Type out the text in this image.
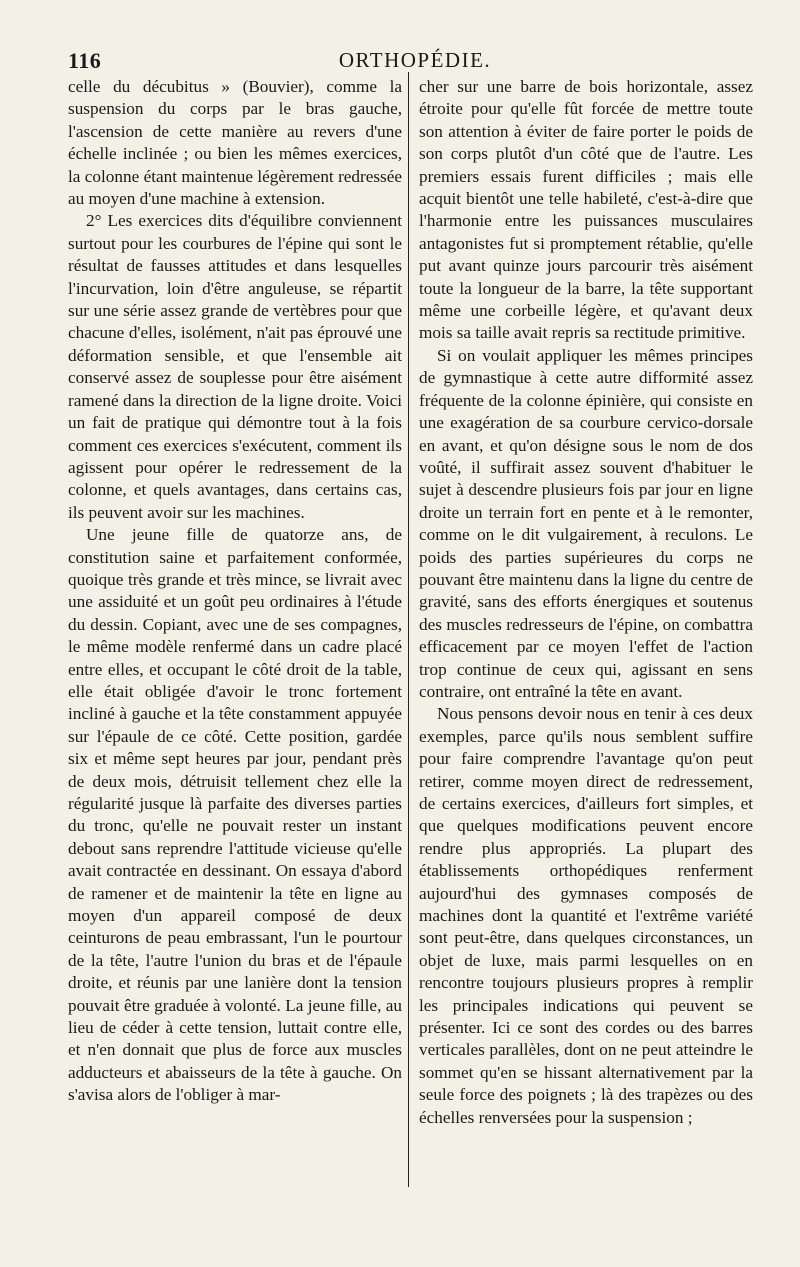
116	ORTHOPÉDIE.

celle du décubitus » (Bouvier), comme la suspension du corps par le bras gauche, l'ascension de cette manière au revers d'une échelle inclinée ; ou bien les mêmes exercices, la colonne étant maintenue légèrement redressée au moyen d'une machine à extension.

2° Les exercices dits d'équilibre conviennent surtout pour les courbures de l'épine qui sont le résultat de fausses attitudes et dans lesquelles l'incurvation, loin d'être anguleuse, se répartit sur une série assez grande de vertèbres pour que chacune d'elles, isolément, n'ait pas éprouvé une déformation sensible, et que l'ensemble ait conservé assez de souplesse pour être aisément ramené dans la direction de la ligne droite. Voici un fait de pratique qui démontre tout à la fois comment ces exercices s'exécutent, comment ils agissent pour opérer le redressement de la colonne, et quels avantages, dans certains cas, ils peuvent avoir sur les machines.

Une jeune fille de quatorze ans, de constitution saine et parfaitement conformée, quoique très grande et très mince, se livrait avec une assiduité et un goût peu ordinaires à l'étude du dessin. Copiant, avec une de ses compagnes, le même modèle renfermé dans un cadre placé entre elles, et occupant le côté droit de la table, elle était obligée d'avoir le tronc fortement incliné à gauche et la tête constamment appuyée sur l'épaule de ce côté. Cette position, gardée six et même sept heures par jour, pendant près de deux mois, détruisit tellement chez elle la régularité jusque là parfaite des diverses parties du tronc, qu'elle ne pouvait rester un instant debout sans reprendre l'attitude vicieuse qu'elle avait contractée en dessinant. On essaya d'abord de ramener et de maintenir la tête en ligne au moyen d'un appareil composé de deux ceinturons de peau embrassant, l'un le pourtour de la tête, l'autre l'union du bras et de l'épaule droite, et réunis par une lanière dont la tension pouvait être graduée à volonté. La jeune fille, au lieu de céder à cette tension, luttait contre elle, et n'en donnait que plus de force aux muscles adducteurs et abaisseurs de la tête à gauche. On s'avisa alors de l'obliger à mar-

cher sur une barre de bois horizontale, assez étroite pour qu'elle fût forcée de mettre toute son attention à éviter de faire porter le poids de son corps plutôt d'un côté que de l'autre. Les premiers essais furent difficiles ; mais elle acquit bientôt une telle habileté, c'est-à-dire que l'harmonie entre les puissances musculaires antagonistes fut si promptement rétablie, qu'elle put avant quinze jours parcourir très aisément toute la longueur de la barre, la tête supportant même une corbeille légère, et qu'avant deux mois sa taille avait repris sa rectitude primitive.

Si on voulait appliquer les mêmes principes de gymnastique à cette autre difformité assez fréquente de la colonne épinière, qui consiste en une exagération de sa courbure cervico-dorsale en avant, et qu'on désigne sous le nom de dos voûté, il suffirait assez souvent d'habituer le sujet à descendre plusieurs fois par jour en ligne droite un terrain fort en pente et à le remonter, comme on le dit vulgairement, à reculons. Le poids des parties supérieures du corps ne pouvant être maintenu dans la ligne du centre de gravité, sans des efforts énergiques et soutenus des muscles redresseurs de l'épine, on combattra efficacement par ce moyen l'effet de l'action trop continue de ceux qui, agissant en sens contraire, ont entraîné la tête en avant.

Nous pensons devoir nous en tenir à ces deux exemples, parce qu'ils nous semblent suffire pour faire comprendre l'avantage qu'on peut retirer, comme moyen direct de redressement, de certains exercices, d'ailleurs fort simples, et que quelques modifications peuvent encore rendre plus appropriés. La plupart des établissements orthopédiques renferment aujourd'hui des gymnases composés de machines dont la quantité et l'extrême variété sont peut-être, dans quelques circonstances, un objet de luxe, mais parmi lesquelles on en rencontre toujours plusieurs propres à remplir les principales indications qui peuvent se présenter. Ici ce sont des cordes ou des barres verticales parallèles, dont on ne peut atteindre le sommet qu'en se hissant alternativement par la seule force des poignets ; là des trapèzes ou des échelles renversées pour la suspension ;
